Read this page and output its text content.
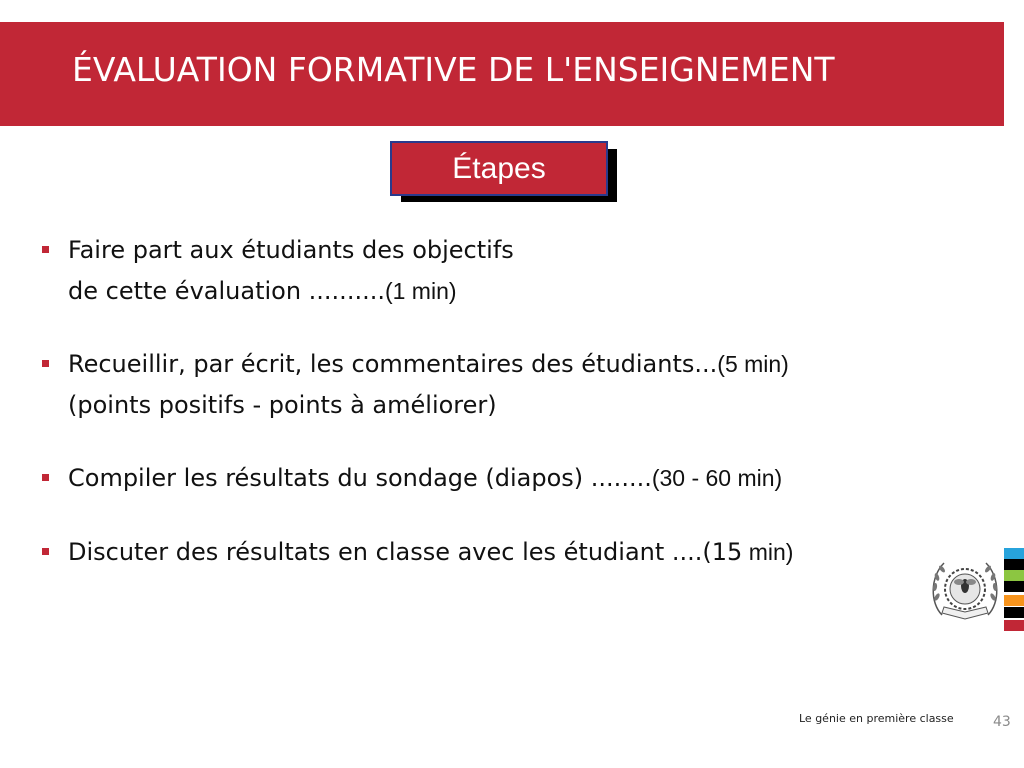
ÉVALUATION FORMATIVE DE L'ENSEIGNEMENT
Étapes
Faire part aux étudiants des objectifs
de cette évaluation ..........(1 min)
Recueillir, par écrit, les commentaires des étudiants...(5 min)
(points positifs - points à améliorer)
Compiler les résultats du sondage (diapos) ........(30 - 60 min)
Discuter des résultats en classe avec les étudiant ....(15 min)
Le génie en première classe	43
